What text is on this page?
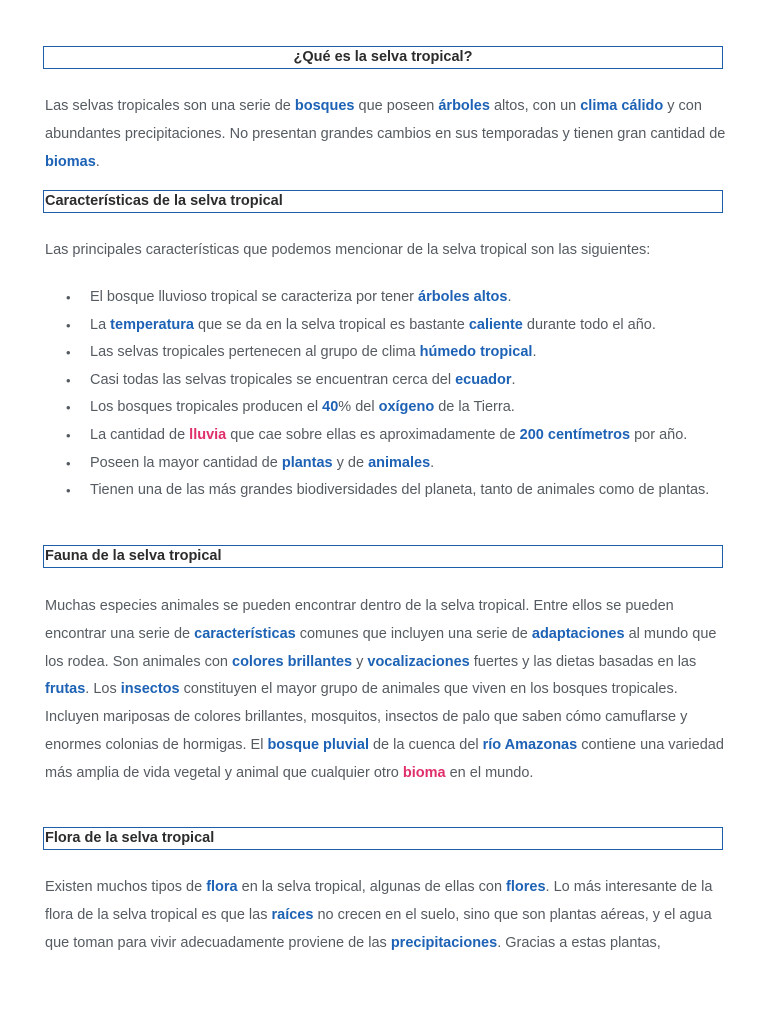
¿Qué es la selva tropical?

Las selvas tropicales son una serie de bosques que poseen árboles altos, con un clima cálido y con abundantes precipitaciones. No presentan grandes cambios en sus temporadas y tienen gran cantidad de biomas.

Características de la selva tropical

Las principales características que podemos mencionar de la selva tropical son las siguientes:

• El bosque lluvioso tropical se caracteriza por tener árboles altos.
• La temperatura que se da en la selva tropical es bastante caliente durante todo el año.
• Las selvas tropicales pertenecen al grupo de clima húmedo tropical.
• Casi todas las selvas tropicales se encuentran cerca del ecuador.
• Los bosques tropicales producen el 40% del oxígeno de la Tierra.
• La cantidad de lluvia que cae sobre ellas es aproximadamente de 200 centímetros por año.
• Poseen la mayor cantidad de plantas y de animales.
• Tienen una de las más grandes biodiversidades del planeta, tanto de animales como de plantas.
Fauna de la selva tropical

Muchas especies animales se pueden encontrar dentro de la selva tropical. Entre ellos se pueden encontrar una serie de características comunes que incluyen una serie de adaptaciones al mundo que los rodea. Son animales con colores brillantes y vocalizaciones fuertes y las dietas basadas en las frutas. Los insectos constituyen el mayor grupo de animales que viven en los bosques tropicales. Incluyen mariposas de colores brillantes, mosquitos, insectos de palo que saben cómo camuflarse y enormes colonias de hormigas. El bosque pluvial de la cuenca del río Amazonas contiene una variedad más amplia de vida vegetal y animal que cualquier otro bioma en el mundo.

Flora de la selva tropical

Existen muchos tipos de flora en la selva tropical, algunas de ellas con flores. Lo más interesante de la flora de la selva tropical es que las raíces no crecen en el suelo, sino que son plantas aéreas, y el agua que toman para vivir adecuadamente proviene de las precipitaciones. Gracias a estas plantas,
